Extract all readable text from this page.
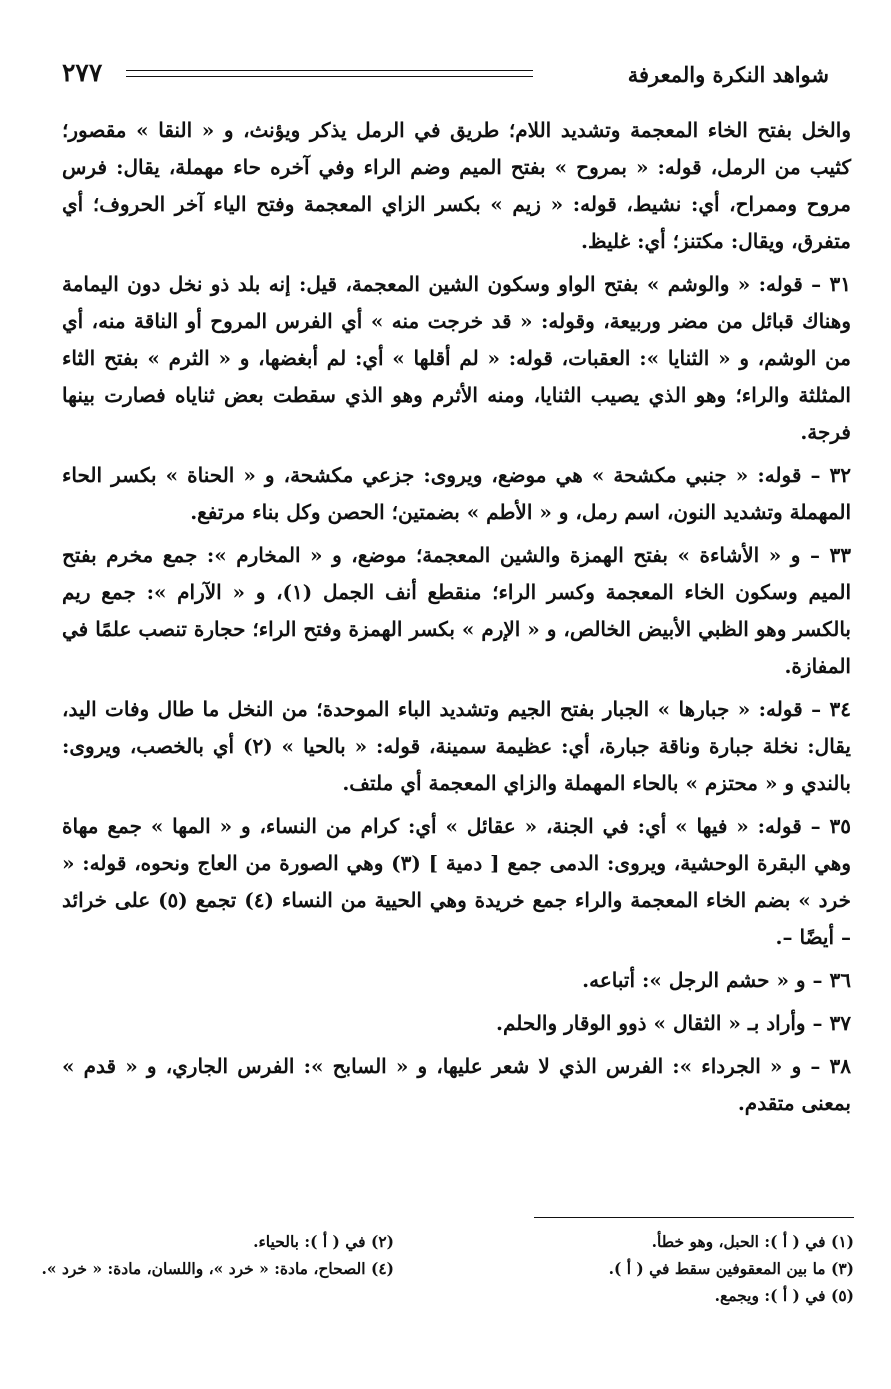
شواهد النكرة والمعرفة
٢٧٧

والخل بفتح الخاء المعجمة وتشديد اللام؛ طريق في الرمل يذكر ويؤنث، و « النقا » مقصور؛ كثيب من الرمل، قوله: « بمروح » بفتح الميم وضم الراء وفي آخره حاء مهملة، يقال: فرس مروح وممراح، أي: نشيط، قوله: « زيم » بكسر الزاي المعجمة وفتح الياء آخر الحروف؛ أي متفرق، ويقال: مكتنز؛ أي: غليظ.

٣١ – قوله: « والوشم » بفتح الواو وسكون الشين المعجمة، قيل: إنه بلد ذو نخل دون اليمامة وهناك قبائل من مضر وربيعة، وقوله: « قد خرجت منه » أي الفرس المروح أو الناقة منه، أي من الوشم، و « الثنايا »: العقبات، قوله: « لم أقلها » أي: لم أبغضها، و « الثرم » بفتح الثاء المثلثة والراء؛ وهو الذي يصيب الثنايا، ومنه الأثرم وهو الذي سقطت بعض ثناياه فصارت بينها فرجة.

٣٢ – قوله: « جنبي مكشحة » هي موضع، ويروى: جزعي مكشحة، و « الحناة » بكسر الحاء المهملة وتشديد النون، اسم رمل، و « الأطم » بضمتين؛ الحصن وكل بناء مرتفع.

٣٣ – و « الأشاءة » بفتح الهمزة والشين المعجمة؛ موضع، و « المخارم »: جمع مخرم بفتح الميم وسكون الخاء المعجمة وكسر الراء؛ منقطع أنف الجمل (١)، و « الآرام »: جمع ريم بالكسر وهو الظبي الأبيض الخالص، و « الإرم » بكسر الهمزة وفتح الراء؛ حجارة تنصب علمًا في المفازة.

٣٤ – قوله: « جبارها » الجبار بفتح الجيم وتشديد الباء الموحدة؛ من النخل ما طال وفات اليد، يقال: نخلة جبارة وناقة جبارة، أي: عظيمة سمينة، قوله: « بالحيا » (٢) أي بالخصب، ويروى: بالندي و « محتزم » بالحاء المهملة والزاي المعجمة أي ملتف.

٣٥ – قوله: « فيها » أي: في الجنة، « عقائل » أي: كرام من النساء، و « المها » جمع مهاة وهي البقرة الوحشية، ويروى: الدمى جمع [ دمية ] (٣) وهي الصورة من العاج ونحوه، قوله: « خرد » بضم الخاء المعجمة والراء جمع خريدة وهي الحيية من النساء (٤) تجمع (٥) على خرائد – أيضًا –.

٣٦ – و « حشم الرجل »: أتباعه.

٣٧ – وأراد بـ « الثقال » ذوو الوقار والحلم.

٣٨ – و « الجرداء »: الفرس الذي لا شعر عليها، و « السابح »: الفرس الجاري، و « قدم » بمعنى متقدم.

(١) في ( أ ): الحبل، وهو خطأ.
(٢) في ( أ ): بالحياء.
(٣) ما بين المعقوفين سقط في ( أ ).
(٤) الصحاح، مادة: « خرد »، واللسان، مادة: « خرد ».
(٥) في ( أ ): ويجمع.
